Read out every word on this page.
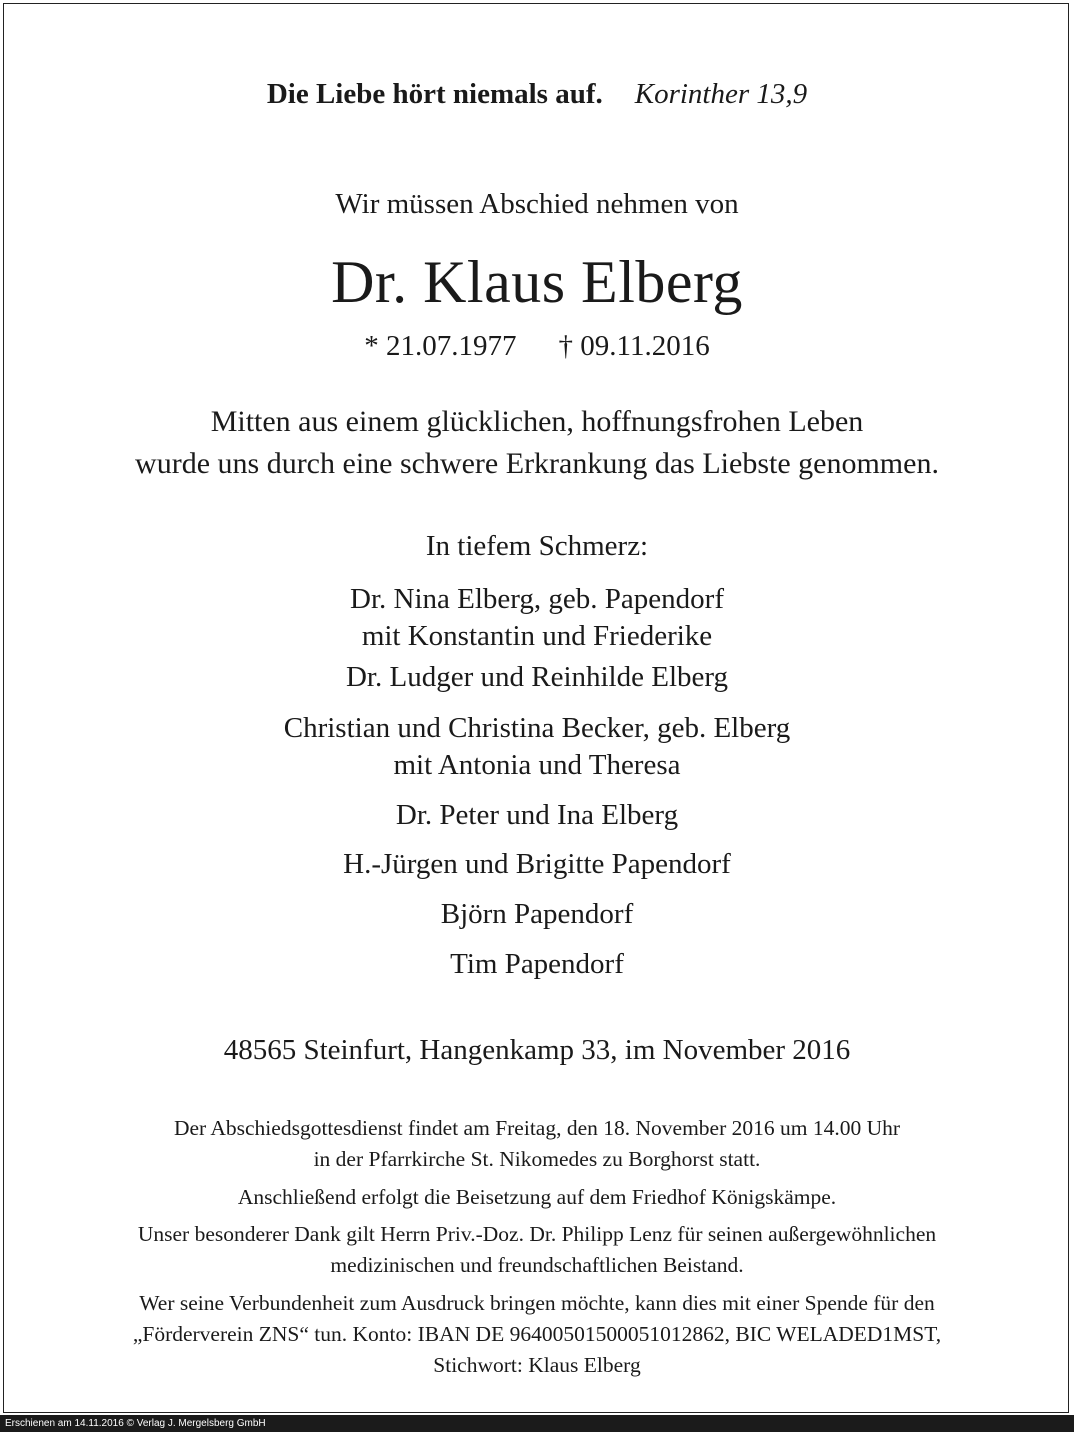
Die Liebe hört niemals auf. Korinther 13,9
Wir müssen Abschied nehmen von
Dr. Klaus Elberg
* 21.07.1977 † 09.11.2016
Mitten aus einem glücklichen, hoffnungsfrohen Leben
wurde uns durch eine schwere Erkrankung das Liebste genommen.
In tiefem Schmerz:
Dr. Nina Elberg, geb. Papendorf
mit Konstantin und Friederike
Dr. Ludger und Reinhilde Elberg
Christian und Christina Becker, geb. Elberg
mit Antonia und Theresa
Dr. Peter und Ina Elberg
H.-Jürgen und Brigitte Papendorf
Björn Papendorf
Tim Papendorf
48565 Steinfurt, Hangenkamp 33, im November 2016
Der Abschiedsgottesdienst findet am Freitag, den 18. November 2016 um 14.00 Uhr
in der Pfarrkirche St. Nikomedes zu Borghorst statt.
Anschließend erfolgt die Beisetzung auf dem Friedhof Königskämpe.
Unser besonderer Dank gilt Herrn Priv.-Doz. Dr. Philipp Lenz für seinen außergewöhnlichen
medizinischen und freundschaftlichen Beistand.
Wer seine Verbundenheit zum Ausdruck bringen möchte, kann dies mit einer Spende für den
„Förderverein ZNS“ tun. Konto: IBAN DE 96400501500051012862, BIC WELADED1MST,
Stichwort: Klaus Elberg
Erschienen am 14.11.2016 © Verlag J. Mergelsberg GmbH
